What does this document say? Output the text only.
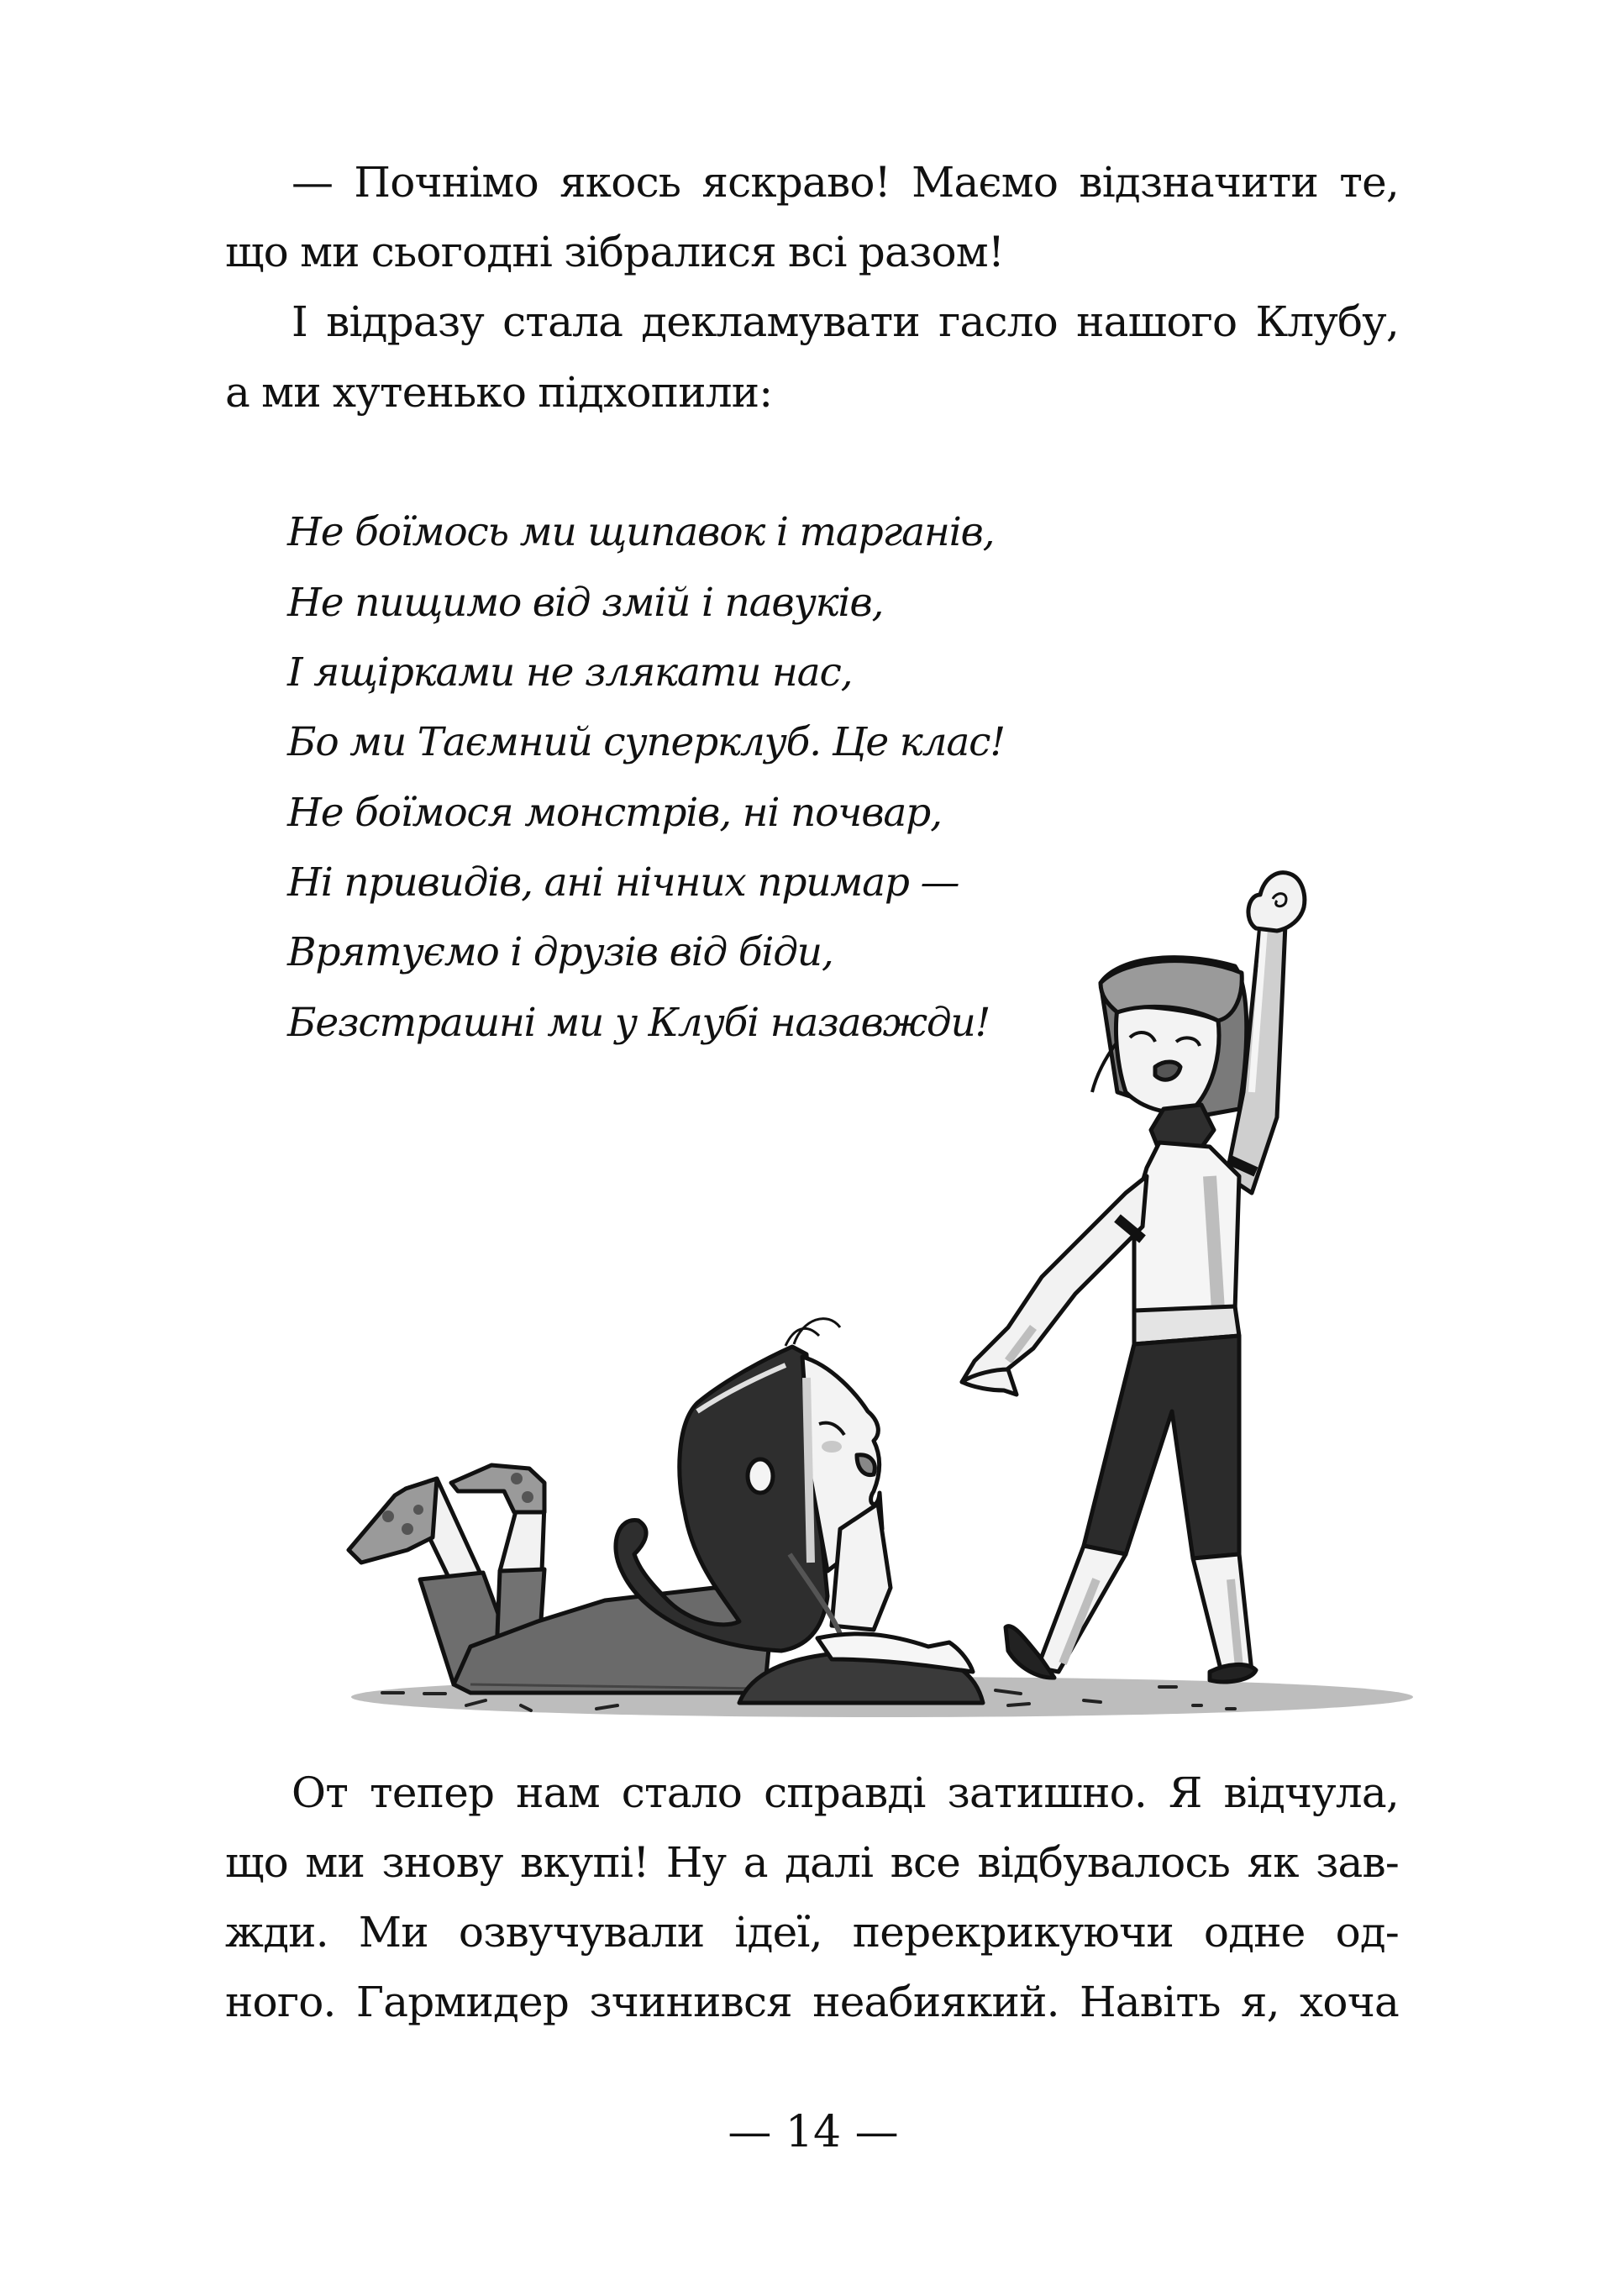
— Почнімо якось яскраво! Маємо відзначити те,
що ми сьогодні зібралися всі разом!
І відразу стала декламувати гасло нашого Клубу,
а ми хутенько підхопили:
Не боїмось ми щипавок і тарганів,
Не пищимо від змій і павуків,
І ящірками не злякати нас,
Бо ми Таємний суперклуб. Це клас!
Не боїмося монстрів, ні почвар,
Ні привидів, ані нічних примар —
Врятуємо і друзів від біди,
Безстрашні ми у Клубі назавжди!
От тепер нам стало справді затишно. Я відчула,
що ми знову вкупі! Ну а далі все відбувалось як зав-
жди. Ми озвучували ідеї, перекрикуючи одне од-
ного. Гармидер зчинився неабиякий. Навіть я, хоча
— 14 —
